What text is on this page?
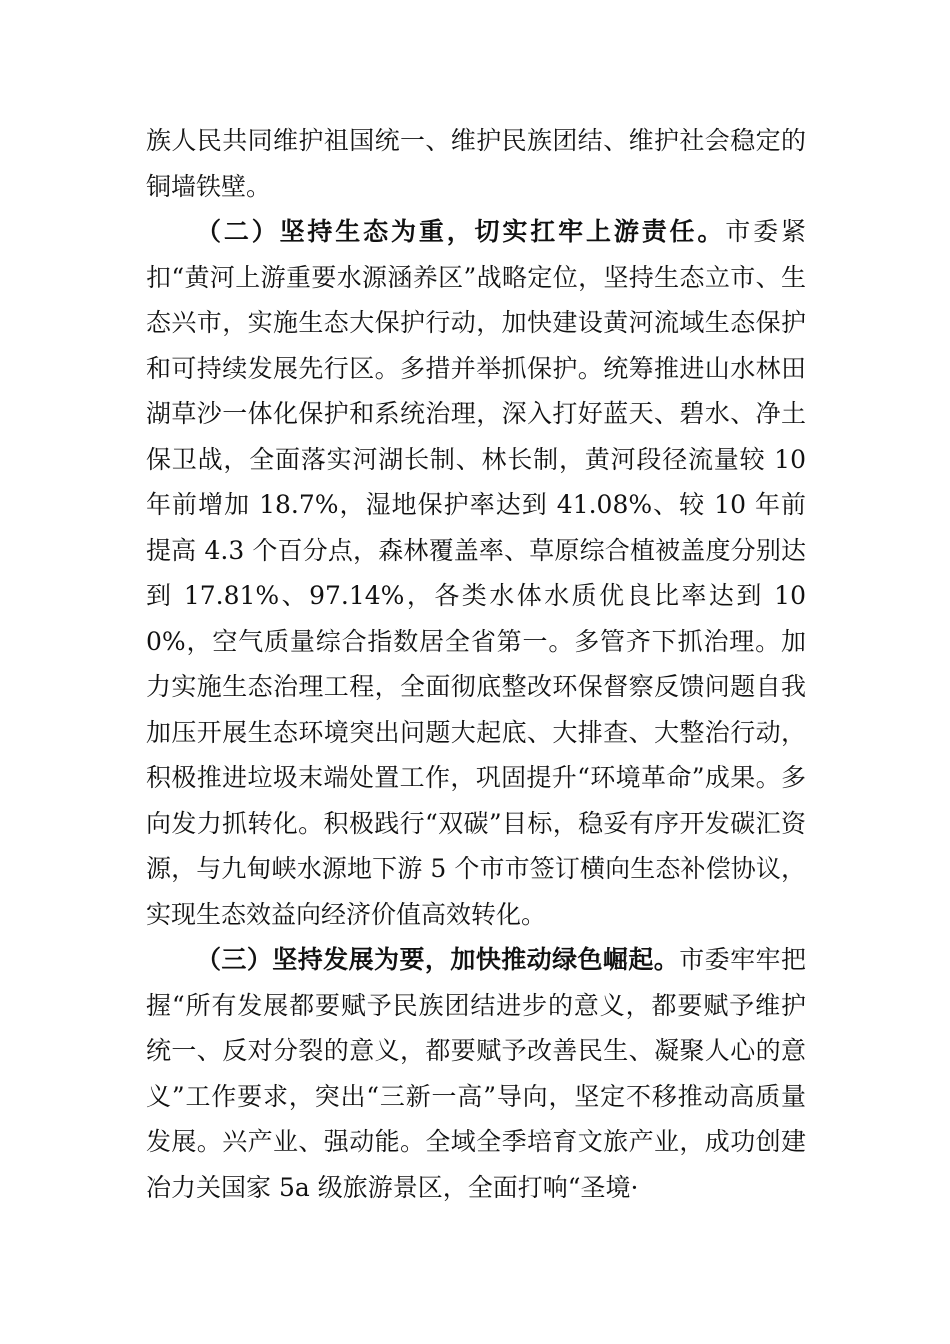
族人民共同维护祖国统一、维护民族团结、维护社会稳定的铜墙铁壁。

（二）坚持生态为重，切实扛牢上游责任。市委紧扣“黄河上游重要水源涵养区”战略定位，坚持生态立市、生态兴市，实施生态大保护行动，加快建设黄河流域生态保护和可持续发展先行区。多措并举抓保护。统筹推进山水林田湖草沙一体化保护和系统治理，深入打好蓝天、碧水、净土保卫战，全面落实河湖长制、林长制，黄河段径流量较 10 年前增加 18.7%，湿地保护率达到 41.08%、较 10 年前提高 4.3 个百分点，森林覆盖率、草原综合植被盖度分别达到 17.81%、97.14%，各类水体水质优良比率达到 100%，空气质量综合指数居全省第一。多管齐下抓治理。加力实施生态治理工程，全面彻底整改环保督察反馈问题自我加压开展生态环境突出问题大起底、大排查、大整治行动，积极推进垃圾末端处置工作，巩固提升“环境革命”成果。多向发力抓转化。积极践行“双碳”目标，稳妥有序开发碳汇资源，与九甸峡水源地下游 5 个市市签订横向生态补偿协议，实现生态效益向经济价值高效转化。

（三）坚持发展为要，加快推动绿色崛起。市委牢牢把握“所有发展都要赋予民族团结进步的意义，都要赋予维护统一、反对分裂的意义，都要赋予改善民生、凝聚人心的意义”工作要求，突出“三新一高”导向，坚定不移推动高质量发展。兴产业、强动能。全域全季培育文旅产业，成功创建冶力关国家 5a 级旅游景区，全面打响“圣境·
